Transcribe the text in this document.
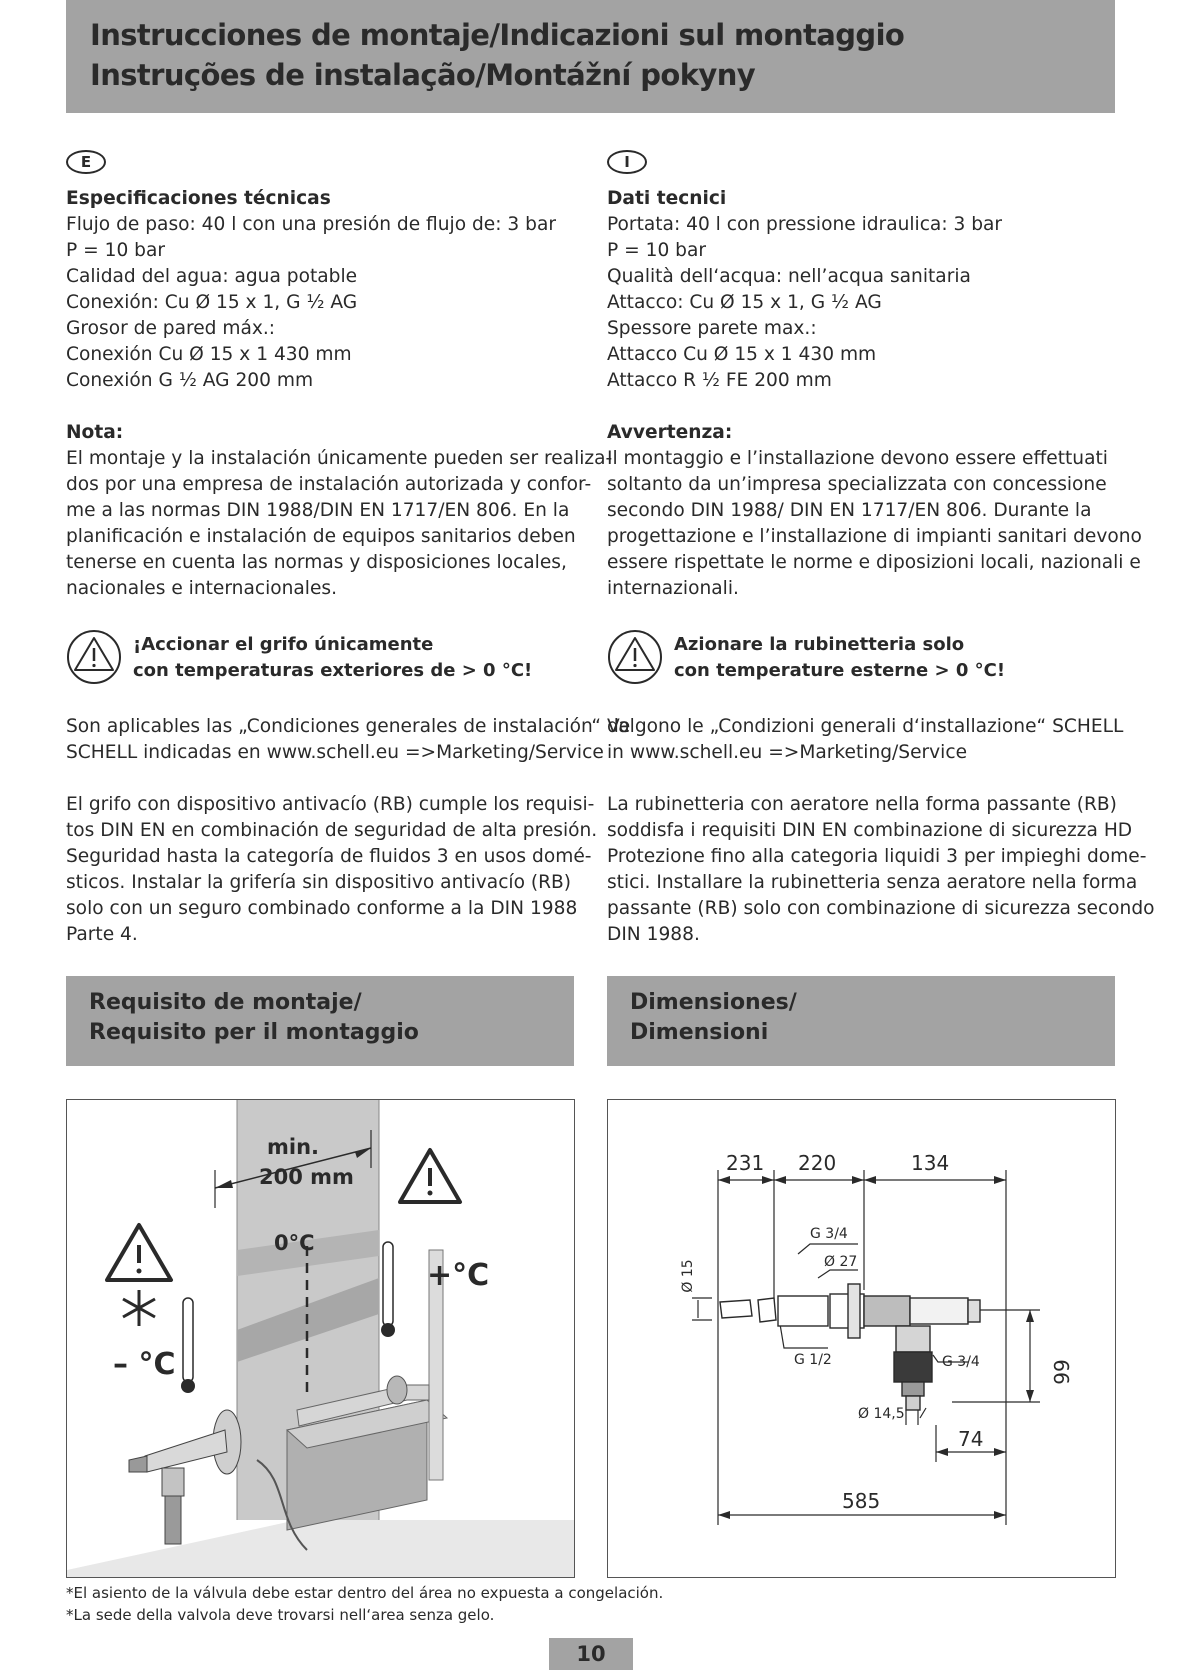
Instrucciones de montaje/Indicazioni sul montaggio
Instruções de instalação/Montážní pokyny
E
Especificaciones técnicas
Flujo de paso: 40 l con una presión de flujo de: 3 bar
P = 10 bar
Calidad del agua: agua potable
Conexión: Cu Ø 15 x 1, G ½ AG
Grosor de pared máx.:
Conexión Cu Ø 15 x 1 430 mm
Conexión G ½ AG 200 mm
Nota:
El montaje y la instalación únicamente pueden ser realiza-
dos por una empresa de instalación autorizada y confor-
me a las normas DIN 1988/DIN EN 1717/EN 806. En la
planificación e instalación de equipos sanitarios deben
tenerse en cuenta las normas y disposiciones locales,
nacionales e internacionales.
¡Accionar el grifo únicamente
con temperaturas exteriores de > 0 °C!
Son aplicables las „Condiciones generales de instalación“ de
SCHELL indicadas en www.schell.eu =>Marketing/Service
El grifo con dispositivo antivacío (RB) cumple los requisi-
tos DIN EN en combinación de seguridad de alta presión.
Seguridad hasta la categoría de fluidos 3 en usos domé-
sticos. Instalar la grifería sin dispositivo antivacío (RB)
solo con un seguro combinado conforme a la DIN 1988
Parte 4.
I
Dati tecnici
Portata: 40 l con pressione idraulica: 3 bar
P = 10 bar
Qualità dell‘acqua: nell’acqua sanitaria
Attacco: Cu Ø 15 x 1, G ½ AG
Spessore parete max.:
Attacco Cu Ø 15 x 1 430 mm
Attacco R ½ FE 200 mm
Avvertenza:
Il montaggio e l’installazione devono essere effettuati
soltanto da un’impresa specializzata con concessione
secondo DIN 1988/ DIN EN 1717/EN 806. Durante la
progettazione e l’installazione di impianti sanitari devono
essere rispettate le norme e diposizioni locali, nazionali e
internazionali.
Azionare la rubinetteria solo
con temperature esterne > 0 °C!
Valgono le „Condizioni generali d‘installazione“ SCHELL
in www.schell.eu =>Marketing/Service
La rubinetteria con aeratore nella forma passante (RB)
soddisfa i requisiti DIN EN combinazione di sicurezza HD
Protezione fino alla categoria liquidi 3 per impieghi dome-
stici. Installare la rubinetteria senza aeratore nella forma
passante (RB) solo con combinazione di sicurezza secondo
DIN 1988.
Requisito de montaje/
Requisito per il montaggio
Dimensiones/
Dimensioni
min.
200 mm
0°C
+°C
– °C
231 220	134
66
74
585
G 3/4
Ø 27
Ø 15
G 1/2	G 3/4
Ø 14,5
*El asiento de la válvula debe estar dentro del área no expuesta a congelación.
*La sede della valvola deve trovarsi nell‘area senza gelo.
10
